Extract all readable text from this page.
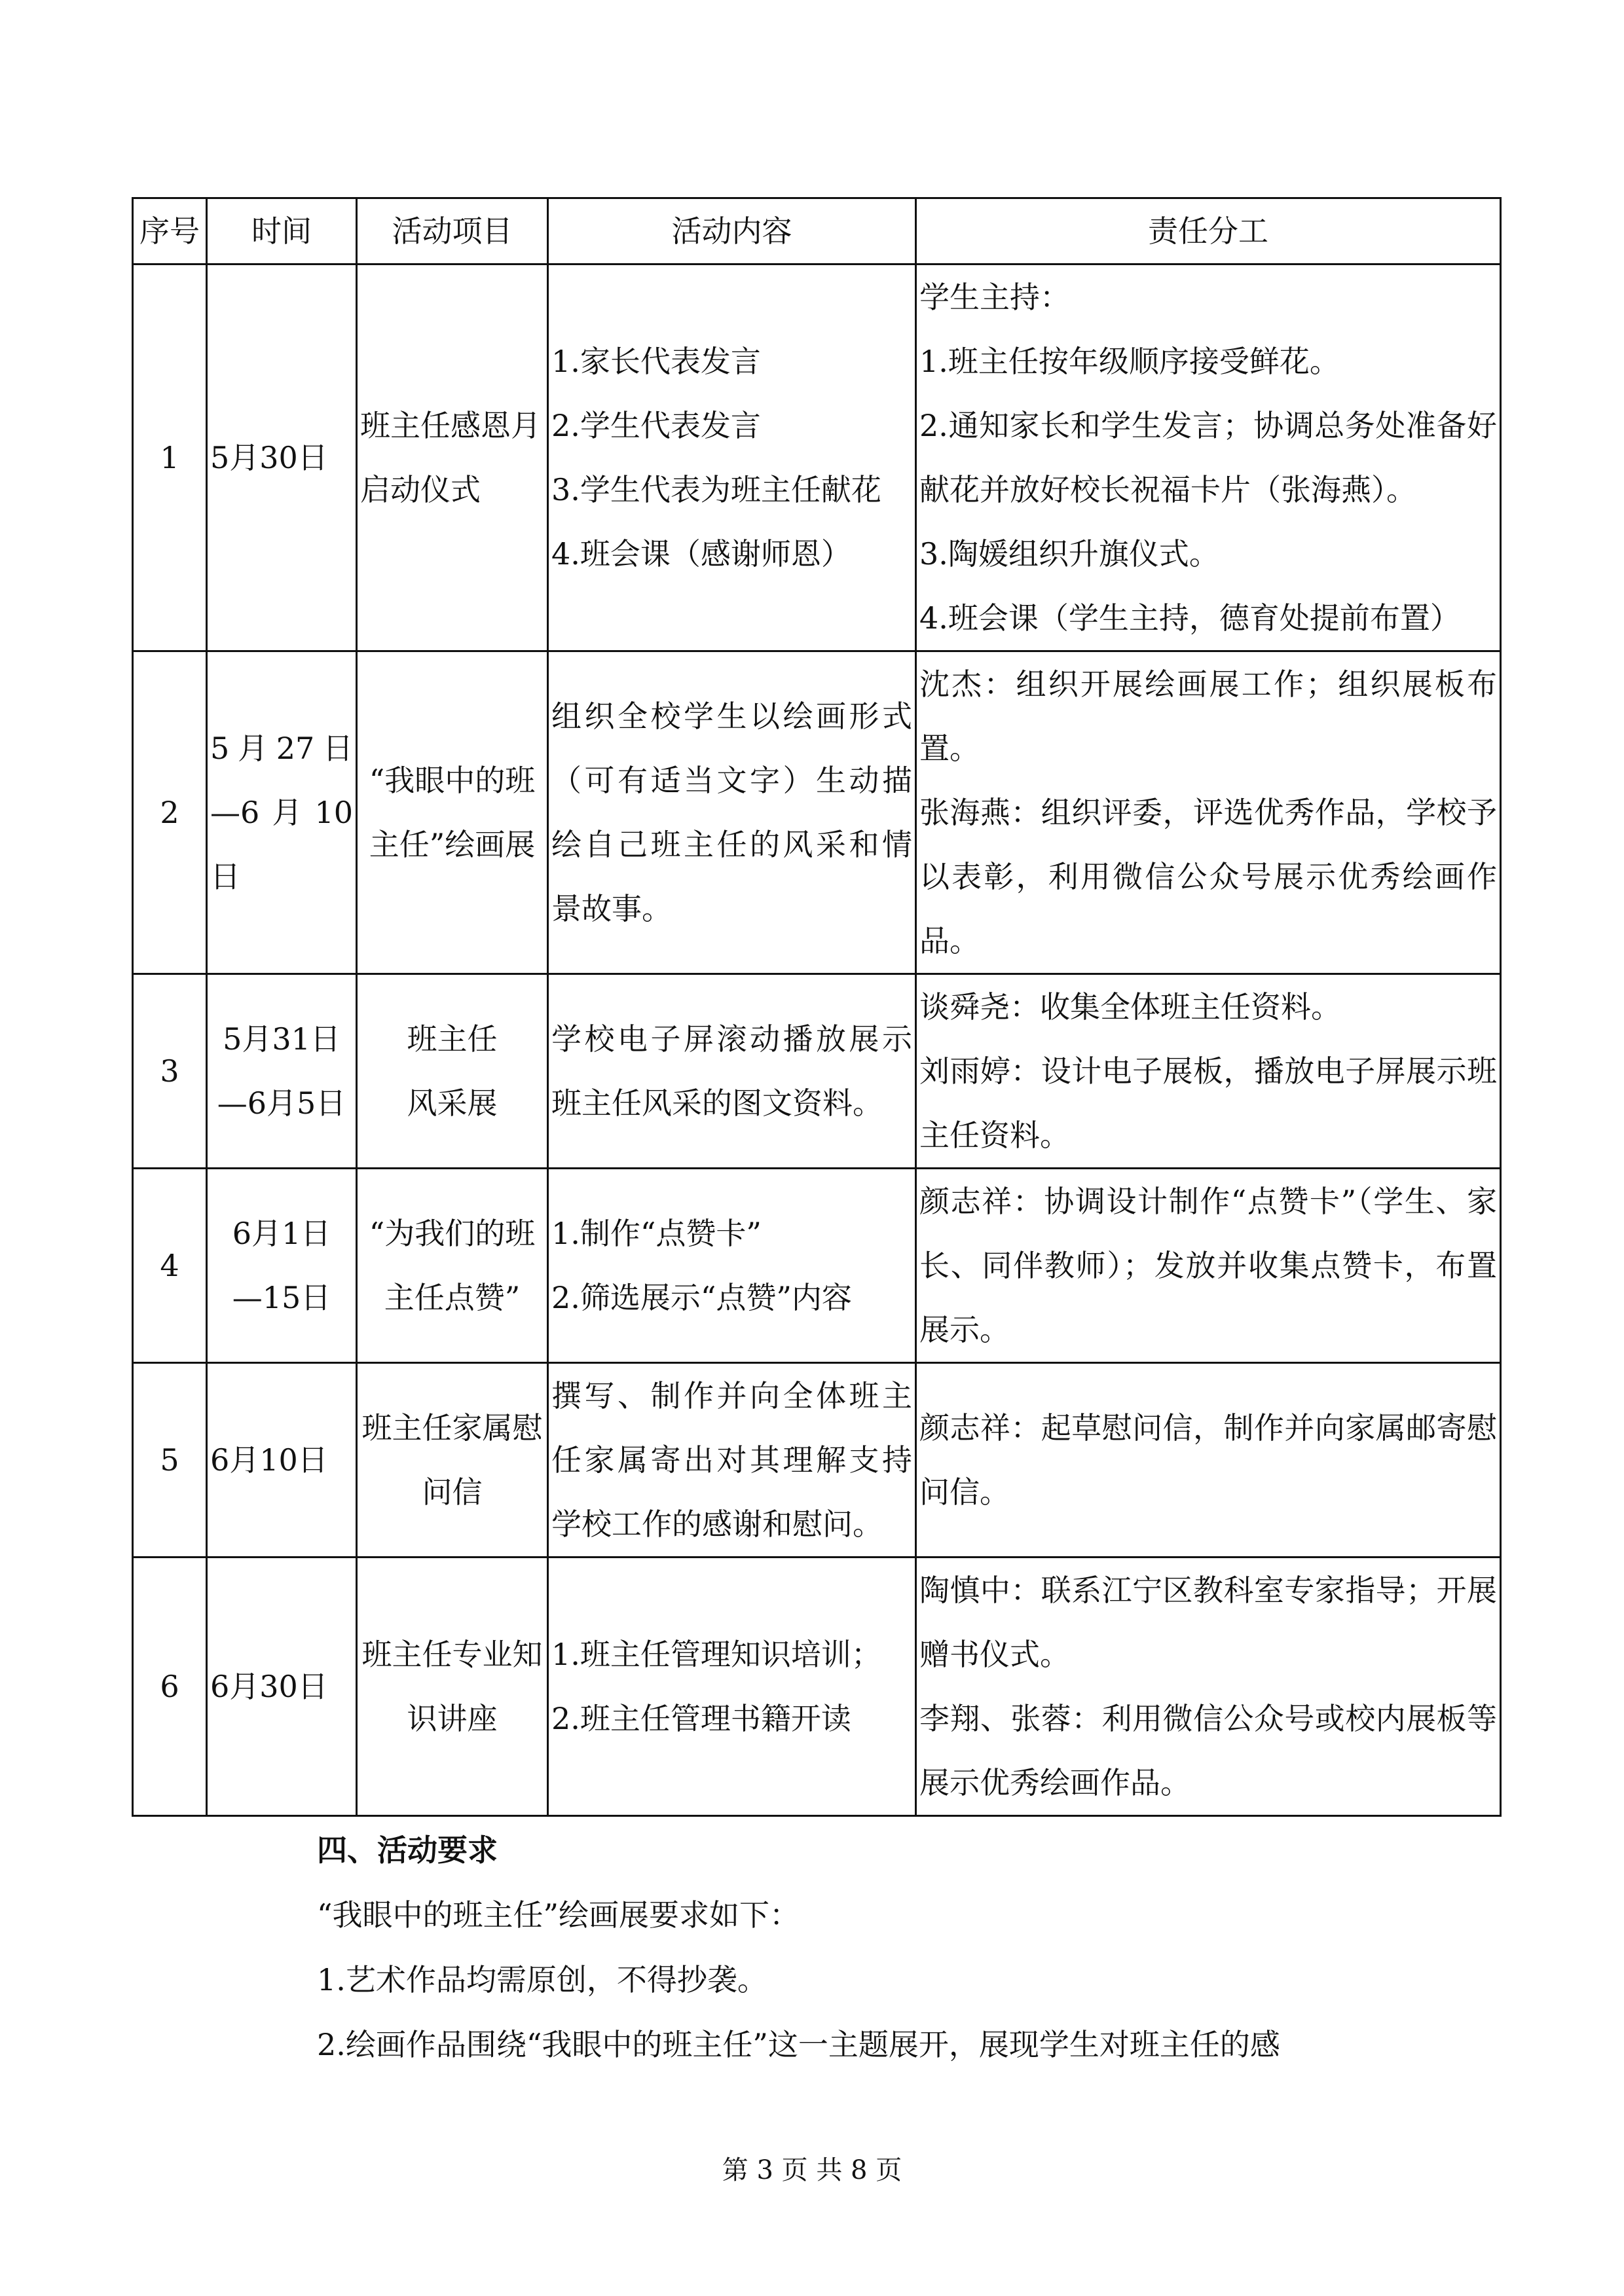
序号	时间	活动项目	活动内容	责任分工
1	5月30日	班主任感恩月启动仪式	1.家长代表发言
2.学生代表发言
3.学生代表为班主任献花
4.班会课（感谢师恩）	学生主持：
1.班主任按年级顺序接受鲜花。
2.通知家长和学生发言；协调总务处准备好献花并放好校长祝福卡片（张海燕）。
3.陶媛组织升旗仪式。
4.班会课（学生主持，德育处提前布置）

2	5月27日—6月10日	“我眼中的班主任”绘画展	组织全校学生以绘画形式（可有适当文字）生动描绘自己班主任的风采和情景故事。	沈杰：组织开展绘画展工作；组织展板布置。
张海燕：组织评委，评选优秀作品，学校予以表彰，利用微信公众号展示优秀绘画作品。

3	5月31日—6月5日	班主任风采展	学校电子屏滚动播放展示班主任风采的图文资料。	谈舜尧：收集全体班主任资料。
刘雨婷：设计电子展板，播放电子屏展示班主任资料。

4	6月1日—15日	“为我们的班主任点赞”	1.制作“点赞卡”
2.筛选展示“点赞”内容	颜志祥：协调设计制作“点赞卡”（学生、家长、同伴教师）；发放并收集点赞卡，布置展示。

5	6月10日	班主任家属慰问信	撰写、制作并向全体班主任家属寄出对其理解支持学校工作的感谢和慰问。	颜志祥：起草慰问信，制作并向家属邮寄慰问信。

6	6月30日	班主任专业知识讲座	1.班主任管理知识培训；
2.班主任管理书籍开读	陶慎中：联系江宁区教科室专家指导；开展赠书仪式。
李翔、张蓉：利用微信公众号或校内展板等展示优秀绘画作品。
四、活动要求
“我眼中的班主任”绘画展要求如下：
1.艺术作品均需原创，不得抄袭。
2.绘画作品围绕“我眼中的班主任”这一主题展开，展现学生对班主任的感
第 3 页 共 8 页
